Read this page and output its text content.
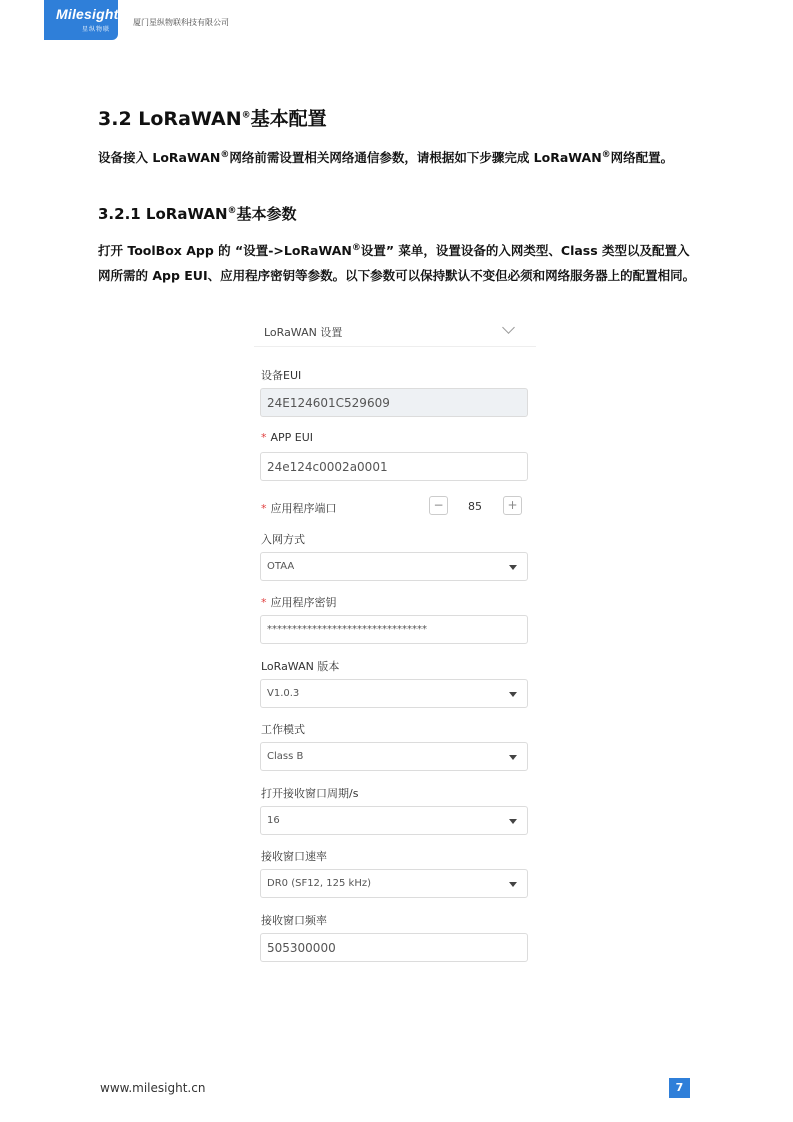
Milesight
星纵物联
厦门星纵物联科技有限公司
3.2 LoRaWAN®基本配置
设备接入 LoRaWAN®网络前需设置相关网络通信参数，请根据如下步骤完成 LoRaWAN®网络配置。
3.2.1 LoRaWAN®基本参数
打开 ToolBox App 的 “设置->LoRaWAN®设置” 菜单，设置设备的入网类型、Class 类型以及配置入网所需的 App EUI、应用程序密钥等参数。以下参数可以保持默认不变但必须和网络服务器上的配置相同。
LoRaWAN 设置
设备EUI
24E124601C529609
* APP EUI
24e124c0002a0001
* 应用程序端口	−	85	+
入网方式
OTAA
* 应用程序密钥
********************************
LoRaWAN 版本
V1.0.3
工作模式
Class B
打开接收窗口周期/s
16
接收窗口速率
DR0 (SF12, 125 kHz)
接收窗口频率
505300000
www.milesight.cn	7
